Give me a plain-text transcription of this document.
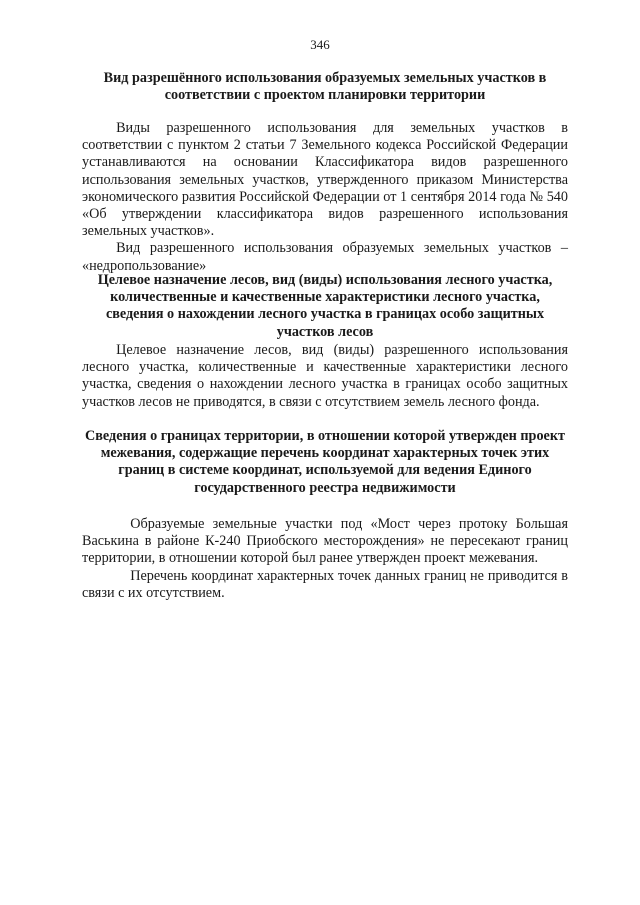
346

Вид разрешённого использования образуемых земельных участков в соответствии с проектом планировки территории

Виды разрешенного использования для земельных участков в соответствии с пунктом 2 статьи 7 Земельного кодекса Российской Федерации устанавливаются на основании Классификатора видов разрешенного использования земельных участков, утвержденного приказом Министерства экономического развития Российской Федерации от 1 сентября 2014 года № 540 «Об утверждении классификатора видов разрешенного использования земельных участков».

Вид разрешенного использования образуемых земельных участков – «недропользование»

Целевое назначение лесов, вид (виды) использования лесного участка, количественные и качественные характеристики лесного участка, сведения о нахождении лесного участка в границах особо защитных участков лесов

Целевое назначение лесов, вид (виды) разрешенного использования лесного участка, количественные и качественные характеристики лесного участка, сведения о нахождении лесного участка в границах особо защитных участков лесов не приводятся, в связи с отсутствием земель лесного фонда.

Сведения о границах территории, в отношении которой утвержден проект межевания, содержащие перечень координат характерных точек этих границ в системе координат, используемой для ведения Единого государственного реестра недвижимости

Образуемые земельные участки под «Мост через протоку Большая Васькина в районе К-240 Приобского месторождения» не пересекают границ территории, в отношении которой был ранее утвержден проект межевания.

Перечень координат характерных точек данных границ не приводится в связи с их отсутствием.
